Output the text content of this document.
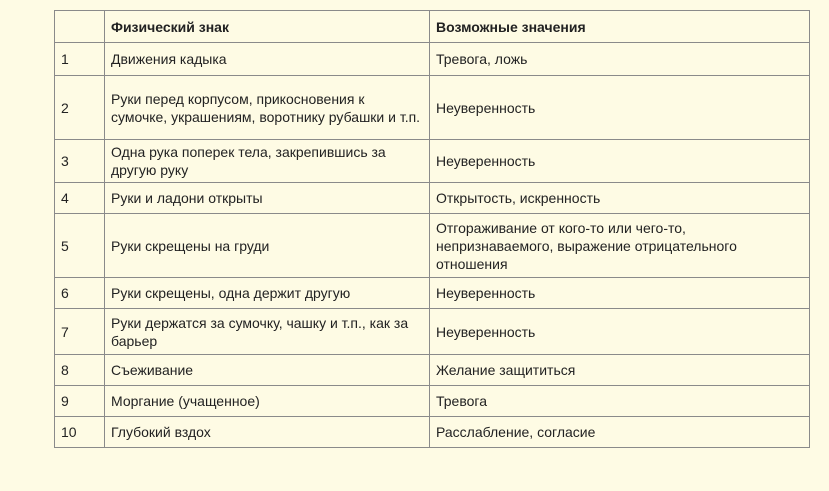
	Физический знак	Возможные значения
1	Движения кадыка	Тревога, ложь
2	Руки перед корпусом, прикосновения к сумочке, украшениям, воротнику рубашки и т.п.	Неуверенность
3	Одна рука поперек тела, закрепившись за другую руку	Неуверенность
4	Руки и ладони открыты	Открытость, искренность
5	Руки скрещены на груди	Отгораживание от кого-то или чего-то, непризнаваемого, выражение отрицательного отношения
6	Руки скрещены, одна держит другую	Неуверенность
7	Руки держатся за сумочку, чашку и т.п., как за барьер	Неуверенность
8	Съеживание	Желание защититься
9	Моргание (учащенное)	Тревога
10	Глубокий вздох	Расслабление, согласие
